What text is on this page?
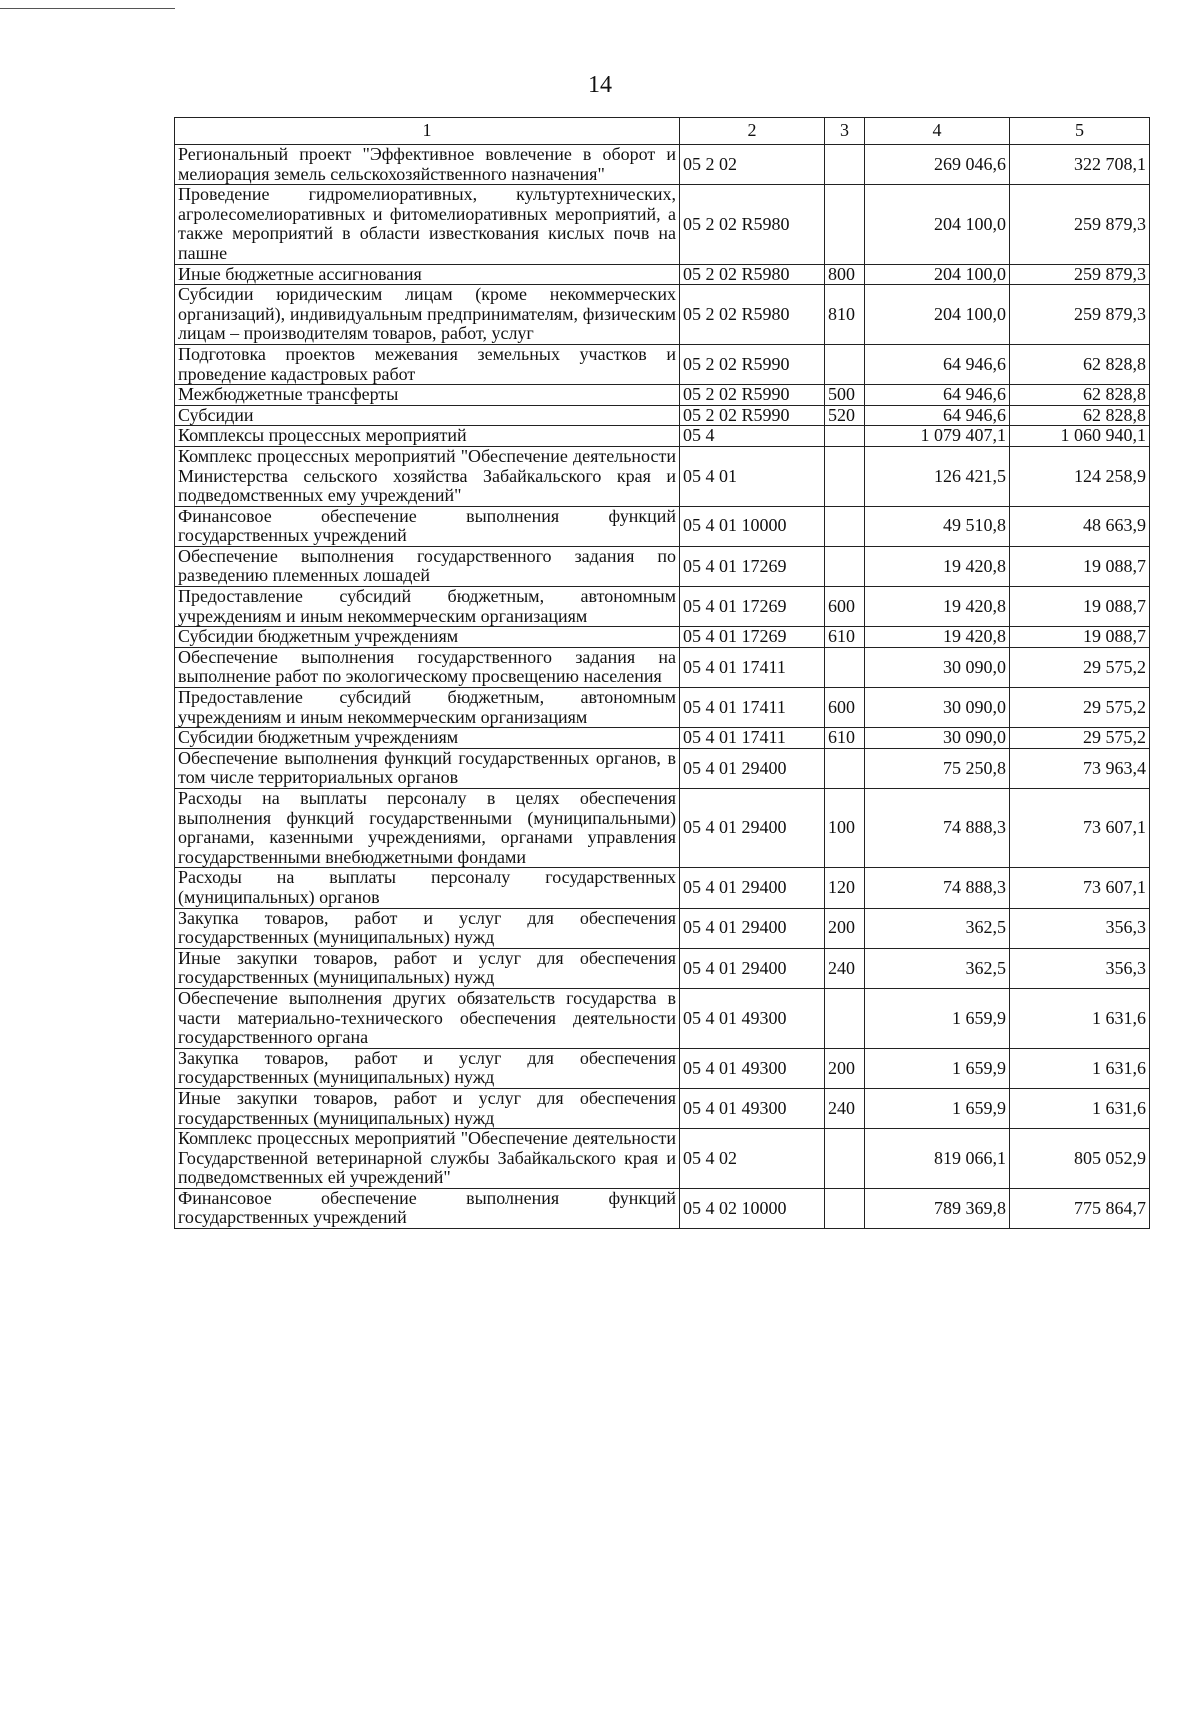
14
1	2	3	4	5
Региональный проект "Эффективное вовлечение в оборот и мелиорация земель сельскохозяйственного назначения"	05 2 02		269 046,6	322 708,1
Проведение гидромелиоративных, культуртехнических, агролесомелиоративных и фитомелиоративных мероприятий, а также мероприятий в области известкования кислых почв на пашне	05 2 02 R5980		204 100,0	259 879,3
Иные бюджетные ассигнования	05 2 02 R5980	800	204 100,0	259 879,3
Субсидии юридическим лицам (кроме некоммерческих организаций), индивидуальным предпринимателям, физическим лицам – производителям товаров, работ, услуг	05 2 02 R5980	810	204 100,0	259 879,3
Подготовка проектов межевания земельных участков и проведение кадастровых работ	05 2 02 R5990		64 946,6	62 828,8
Межбюджетные трансферты	05 2 02 R5990	500	64 946,6	62 828,8
Субсидии	05 2 02 R5990	520	64 946,6	62 828,8
Комплексы процессных мероприятий	05 4		1 079 407,1	1 060 940,1
Комплекс процессных мероприятий "Обеспечение деятельности Министерства сельского хозяйства Забайкальского края и подведомственных ему учреждений"	05 4 01		126 421,5	124 258,9
Финансовое обеспечение выполнения функций государственных учреждений	05 4 01 10000		49 510,8	48 663,9
Обеспечение выполнения государственного задания по разведению племенных лошадей	05 4 01 17269		19 420,8	19 088,7
Предоставление субсидий бюджетным, автономным учреждениям и иным некоммерческим организациям	05 4 01 17269	600	19 420,8	19 088,7
Субсидии бюджетным учреждениям	05 4 01 17269	610	19 420,8	19 088,7
Обеспечение выполнения государственного задания на выполнение работ по экологическому просвещению населения	05 4 01 17411		30 090,0	29 575,2
Предоставление субсидий бюджетным, автономным учреждениям и иным некоммерческим организациям	05 4 01 17411	600	30 090,0	29 575,2
Субсидии бюджетным учреждениям	05 4 01 17411	610	30 090,0	29 575,2
Обеспечение выполнения функций государственных органов, в том числе территориальных органов	05 4 01 29400		75 250,8	73 963,4
Расходы на выплаты персоналу в целях обеспечения выполнения функций государственными (муниципальными) органами, казенными учреждениями, органами управления государственными внебюджетными фондами	05 4 01 29400	100	74 888,3	73 607,1
Расходы на выплаты персоналу государственных (муниципальных) органов	05 4 01 29400	120	74 888,3	73 607,1
Закупка товаров, работ и услуг для обеспечения государственных (муниципальных) нужд	05 4 01 29400	200	362,5	356,3
Иные закупки товаров, работ и услуг для обеспечения государственных (муниципальных) нужд	05 4 01 29400	240	362,5	356,3
Обеспечение выполнения других обязательств государства в части материально-технического обеспечения деятельности государственного органа	05 4 01 49300		1 659,9	1 631,6
Закупка товаров, работ и услуг для обеспечения государственных (муниципальных) нужд	05 4 01 49300	200	1 659,9	1 631,6
Иные закупки товаров, работ и услуг для обеспечения государственных (муниципальных) нужд	05 4 01 49300	240	1 659,9	1 631,6
Комплекс процессных мероприятий "Обеспечение деятельности Государственной ветеринарной службы Забайкальского края и подведомственных ей учреждений"	05 4 02		819 066,1	805 052,9
Финансовое обеспечение выполнения функций государственных учреждений	05 4 02 10000		789 369,8	775 864,7
